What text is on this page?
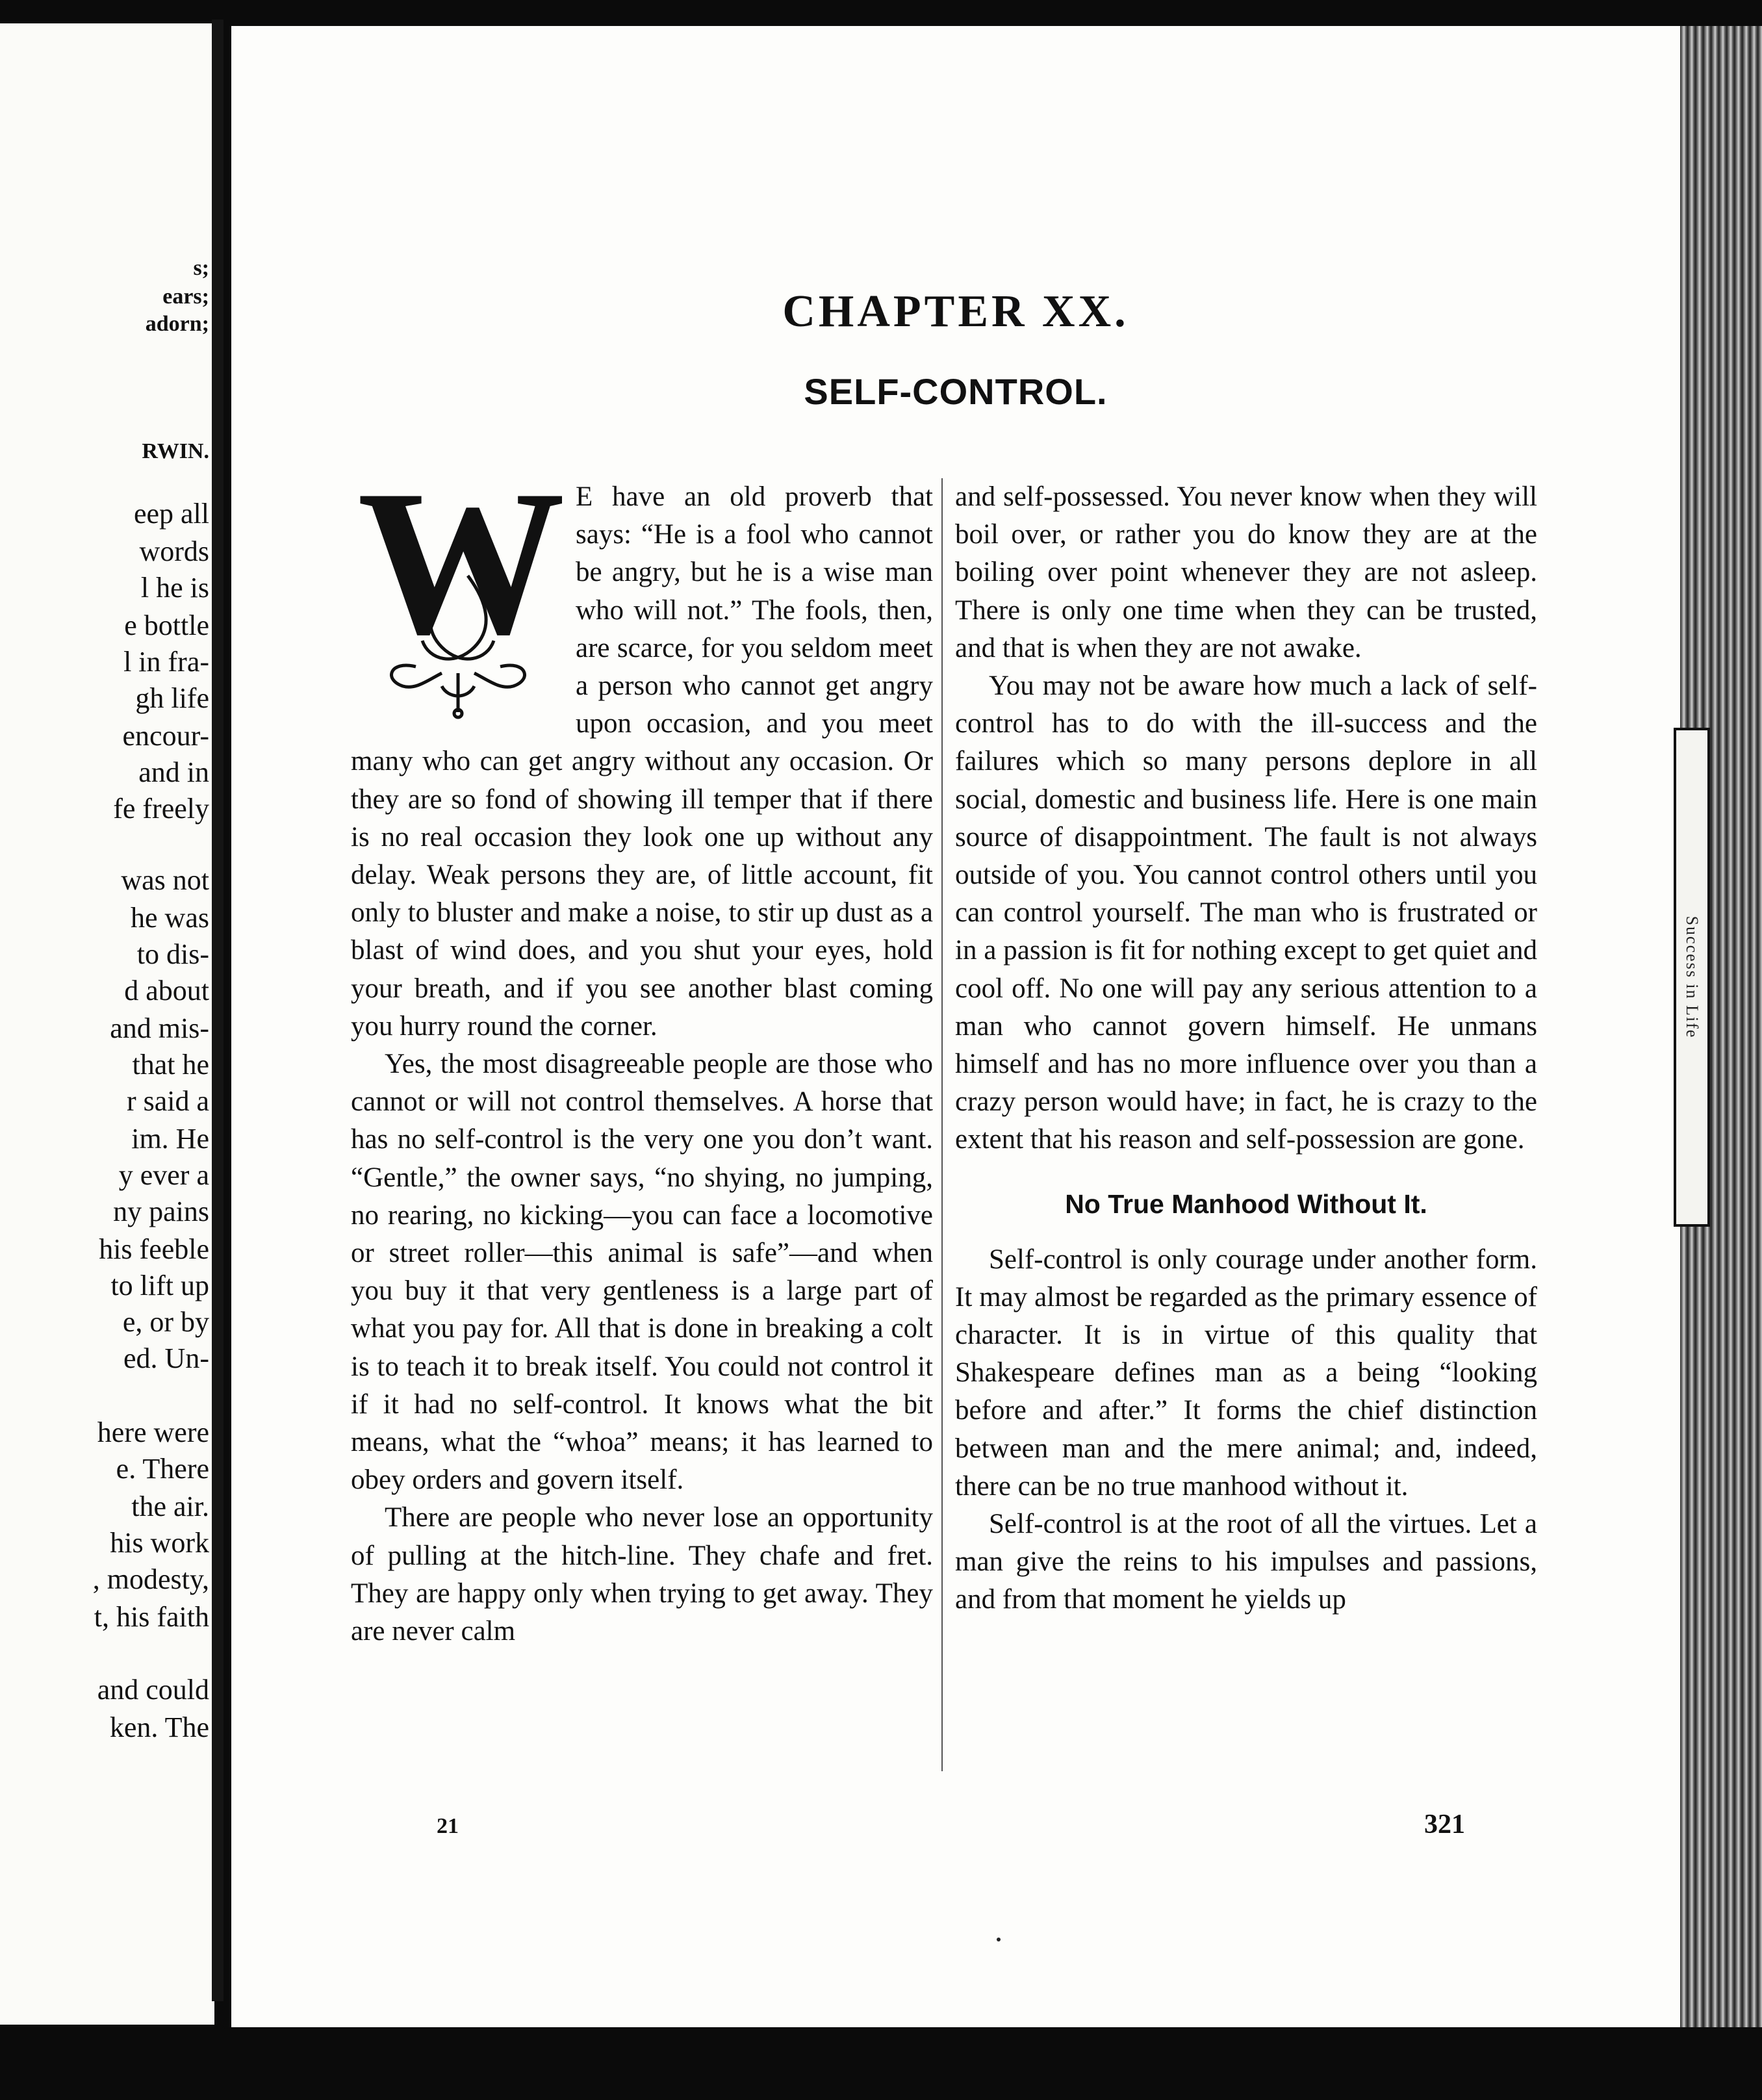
s;
ears;
adorn;
RWIN.
eep all
words
l he is
e bottle
l in fra-
gh life
encour-
and in
fe freely
was not
he was
to dis-
d about
and mis-
that he
r said a
im. He
y ever a
ny pains
his feeble
to lift up
e, or by
ed. Un-
here were
e. There
the air.
his work
, modesty,
t, his faith
and could
ken. The
CHAPTER XX.
SELF-CONTROL.
W E have an old proverb that says: “He is a fool who cannot be angry, but he is a wise man who will not.” The fools, then, are scarce, for you seldom meet a person who cannot get angry upon occasion, and you meet many who can get angry without any occasion. Or they are so fond of showing ill temper that if there is no real occasion they look one up without any delay. Weak persons they are, of little account, fit only to bluster and make a noise, to stir up dust as a blast of wind does, and you shut your eyes, hold your breath, and if you see another blast coming you hurry round the corner.

Yes, the most disagreeable people are those who cannot or will not control themselves. A horse that has no self-control is the very one you don’t want. “Gentle,” the owner says, “no shying, no jumping, no rearing, no kicking—you can face a locomotive or street roller—this animal is safe”—and when you buy it that very gentleness is a large part of what you pay for. All that is done in breaking a colt is to teach it to break itself. You could not control it if it had no self-control. It knows what the bit means, what the “whoa” means; it has learned to obey orders and govern itself.

There are people who never lose an opportunity of pulling at the hitch-line. They chafe and fret. They are happy only when trying to get away. They are never calm

and self-possessed. You never know when they will boil over, or rather you do know they are at the boiling over point whenever they are not asleep. There is only one time when they can be trusted, and that is when they are not awake.

You may not be aware how much a lack of self-control has to do with the ill-success and the failures which so many persons deplore in all social, domestic and business life. Here is one main source of disappointment. The fault is not always outside of you. You cannot control others until you can control yourself. The man who is frustrated or in a passion is fit for nothing except to get quiet and cool off. No one will pay any serious attention to a man who cannot govern himself. He unmans himself and has no more influence over you than a crazy person would have; in fact, he is crazy to the extent that his reason and self-possession are gone.

No True Manhood Without It.

Self-control is only courage under another form. It may almost be regarded as the primary essence of character. It is in virtue of this quality that Shakespeare defines man as a being “looking before and after.” It forms the chief distinction between man and the mere animal; and, indeed, there can be no true manhood without it.

Self-control is at the root of all the virtues. Let a man give the reins to his impulses and passions, and from that moment he yields up

21	321
Success in Life
